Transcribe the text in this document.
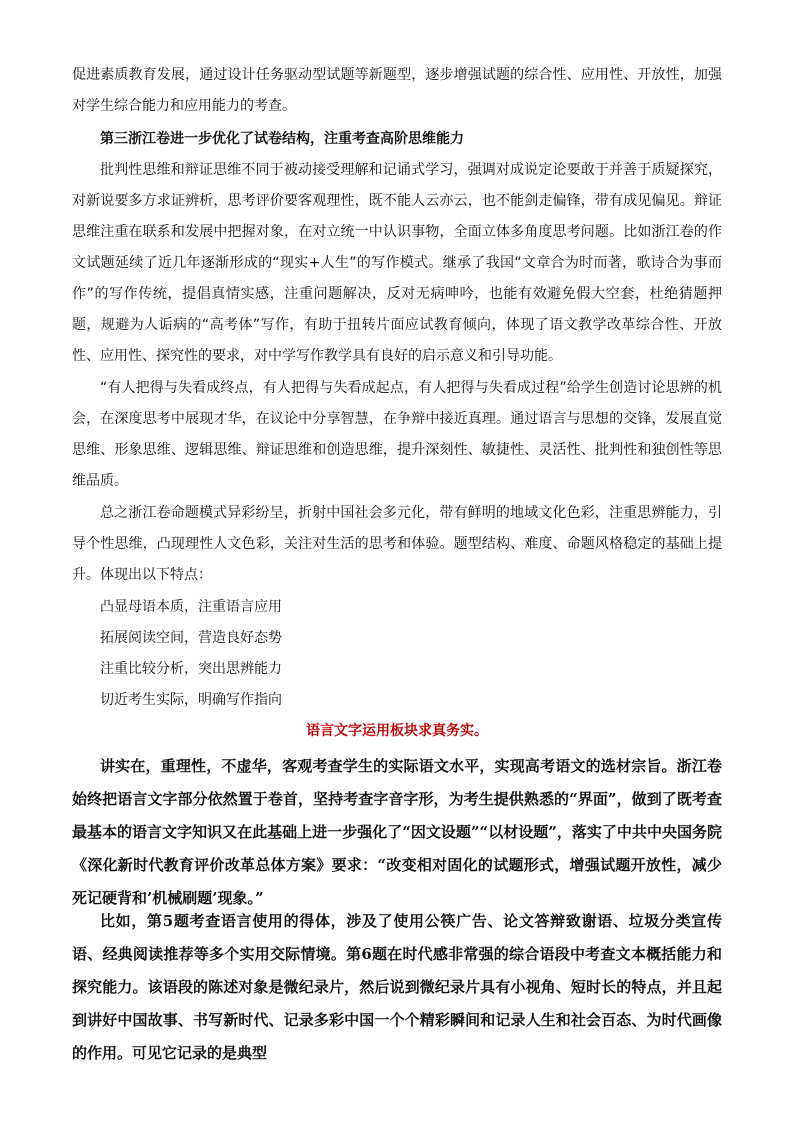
促进素质教育发展，通过设计任务驱动型试题等新题型，逐步增强试题的综合性、应用性、开放性，加强对学生综合能力和应用能力的考查。

第三浙江卷进一步优化了试卷结构，注重考查高阶思维能力

批判性思维和辩证思维不同于被动接受理解和记诵式学习，强调对成说定论要敢于并善于质疑探究，对新说要多方求证辨析，思考评价要客观理性，既不能人云亦云，也不能剑走偏锋，带有成见偏见。辩证思维注重在联系和发展中把握对象，在对立统一中认识事物，全面立体多角度思考问题。比如浙江卷的作文试题延续了近几年逐渐形成的“现实+人生”的写作模式。继承了我国“文章合为时而著，歌诗合为事而作”的写作传统，提倡真情实感，注重问题解决，反对无病呻吟，也能有效避免假大空套，杜绝猜题押题，规避为人诟病的“高考体”写作，有助于扭转片面应试教育倾向，体现了语文教学改革综合性、开放性、应用性、探究性的要求，对中学写作教学具有良好的启示意义和引导功能。

“有人把得与失看成终点，有人把得与失看成起点，有人把得与失看成过程”给学生创造讨论思辨的机会，在深度思考中展现才华，在议论中分享智慧，在争辩中接近真理。通过语言与思想的交锋，发展直觉思维、形象思维、逻辑思维、辩证思维和创造思维，提升深刻性、敏捷性、灵活性、批判性和独创性等思维品质。

总之浙江卷命题模式异彩纷呈，折射中国社会多元化，带有鲜明的地域文化色彩，注重思辨能力，引导个性思维，凸现理性人文色彩，关注对生活的思考和体验。题型结构、难度、命题风格稳定的基础上提升。体现出以下特点：

凸显母语本质，注重语言应用

拓展阅读空间，营造良好态势

注重比较分析，突出思辨能力

切近考生实际，明确写作指向

语言文字运用板块求真务实。

讲实在，重理性，不虚华，客观考查学生的实际语文水平，实现高考语文的选材宗旨。浙江卷始终把语言文字部分依然置于卷首，坚持考查字音字形，为考生提供熟悉的“界面”，做到了既考查最基本的语言文字知识又在此基础上进一步强化了“因文设题”“以材设题”，落实了中共中央国务院《深化新时代教育评价改革总体方案》要求：“改变相对固化的试题形式，增强试题开放性，减少死记硬背和’机械刷题’现象。”

比如，第5题考查语言使用的得体，涉及了使用公筷广告、论文答辩致谢语、垃圾分类宣传语、经典阅读推荐等多个实用交际情境。第6题在时代感非常强的综合语段中考查文本概括能力和探究能力。该语段的陈述对象是微纪录片，然后说到微纪录片具有小视角、短时长的特点，并且起到讲好中国故事、书写新时代、记录多彩中国一个个精彩瞬间和记录人生和社会百态、为时代画像的作用。可见它记录的是典型
